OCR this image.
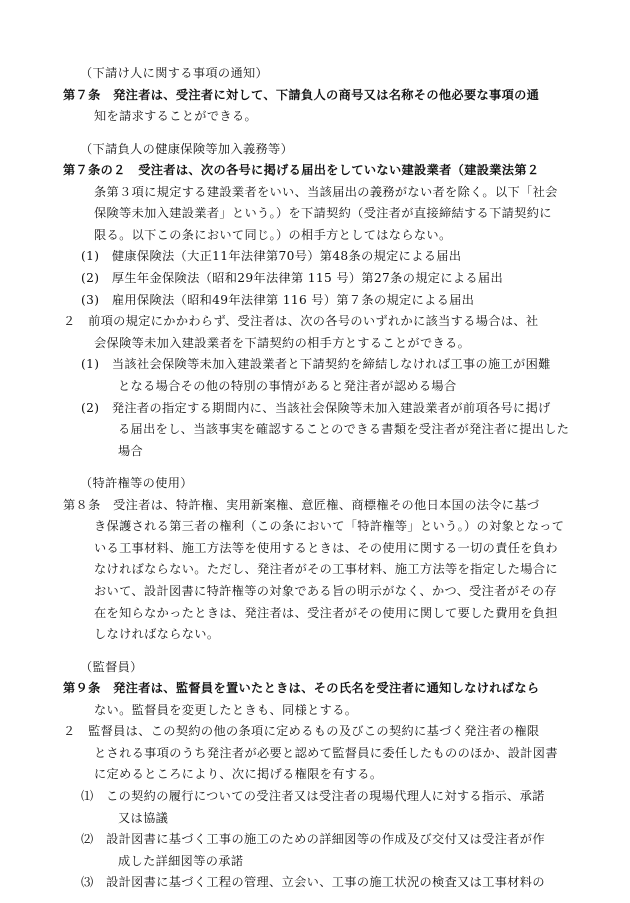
（下請け人に関する事項の通知）
第７条　発注者は、受注者に対して、下請負人の商号又は名称その他必要な事項の通
知を請求することができる。
（下請負人の健康保険等加入義務等）
第７条の２　受注者は、次の各号に掲げる届出をしていない建設業者（建設業法第２
条第３項に規定する建設業者をいい、当該届出の義務がない者を除く。以下「社会
保険等未加入建設業者」という。）を下請契約（受注者が直接締結する下請契約に
限る。以下この条において同じ。）の相手方としてはならない。
(1)　健康保険法（大正11年法律第70号）第48条の規定による届出
(2)　厚生年金保険法（昭和29年法律第 115 号）第27条の規定による届出
(3)　雇用保険法（昭和49年法律第 116 号）第７条の規定による届出
２　前項の規定にかかわらず、受注者は、次の各号のいずれかに該当する場合は、社
会保険等未加入建設業者を下請契約の相手方とすることができる。
(1)　当該社会保険等未加入建設業者と下請契約を締結しなければ工事の施工が困難
となる場合その他の特別の事情があると発注者が認める場合
(2)　発注者の指定する期間内に、当該社会保険等未加入建設業者が前項各号に掲げ
る届出をし、当該事実を確認することのできる書類を受注者が発注者に提出した
場合
（特許権等の使用）
第８条　受注者は、特許権、実用新案権、意匠権、商標権その他日本国の法令に基づ
き保護される第三者の権利（この条において「特許権等」という。）の対象となって
いる工事材料、施工方法等を使用するときは、その使用に関する一切の責任を負わ
なければならない。ただし、発注者がその工事材料、施工方法等を指定した場合に
おいて、設計図書に特許権等の対象である旨の明示がなく、かつ、受注者がその存
在を知らなかったときは、発注者は、受注者がその使用に関して要した費用を負担
しなければならない。
（監督員）
第９条　発注者は、監督員を置いたときは、その氏名を受注者に通知しなければなら
ない。監督員を変更したときも、同様とする。
２　監督員は、この契約の他の条項に定めるもの及びこの契約に基づく発注者の権限
とされる事項のうち発注者が必要と認めて監督員に委任したもののほか、設計図書
に定めるところにより、次に掲げる権限を有する。
⑴　この契約の履行についての受注者又は受注者の現場代理人に対する指示、承諾
又は協議
⑵　設計図書に基づく工事の施工のための詳細図等の作成及び交付又は受注者が作
成した詳細図等の承諾
⑶　設計図書に基づく工程の管理、立会い、工事の施工状況の検査又は工事材料の
